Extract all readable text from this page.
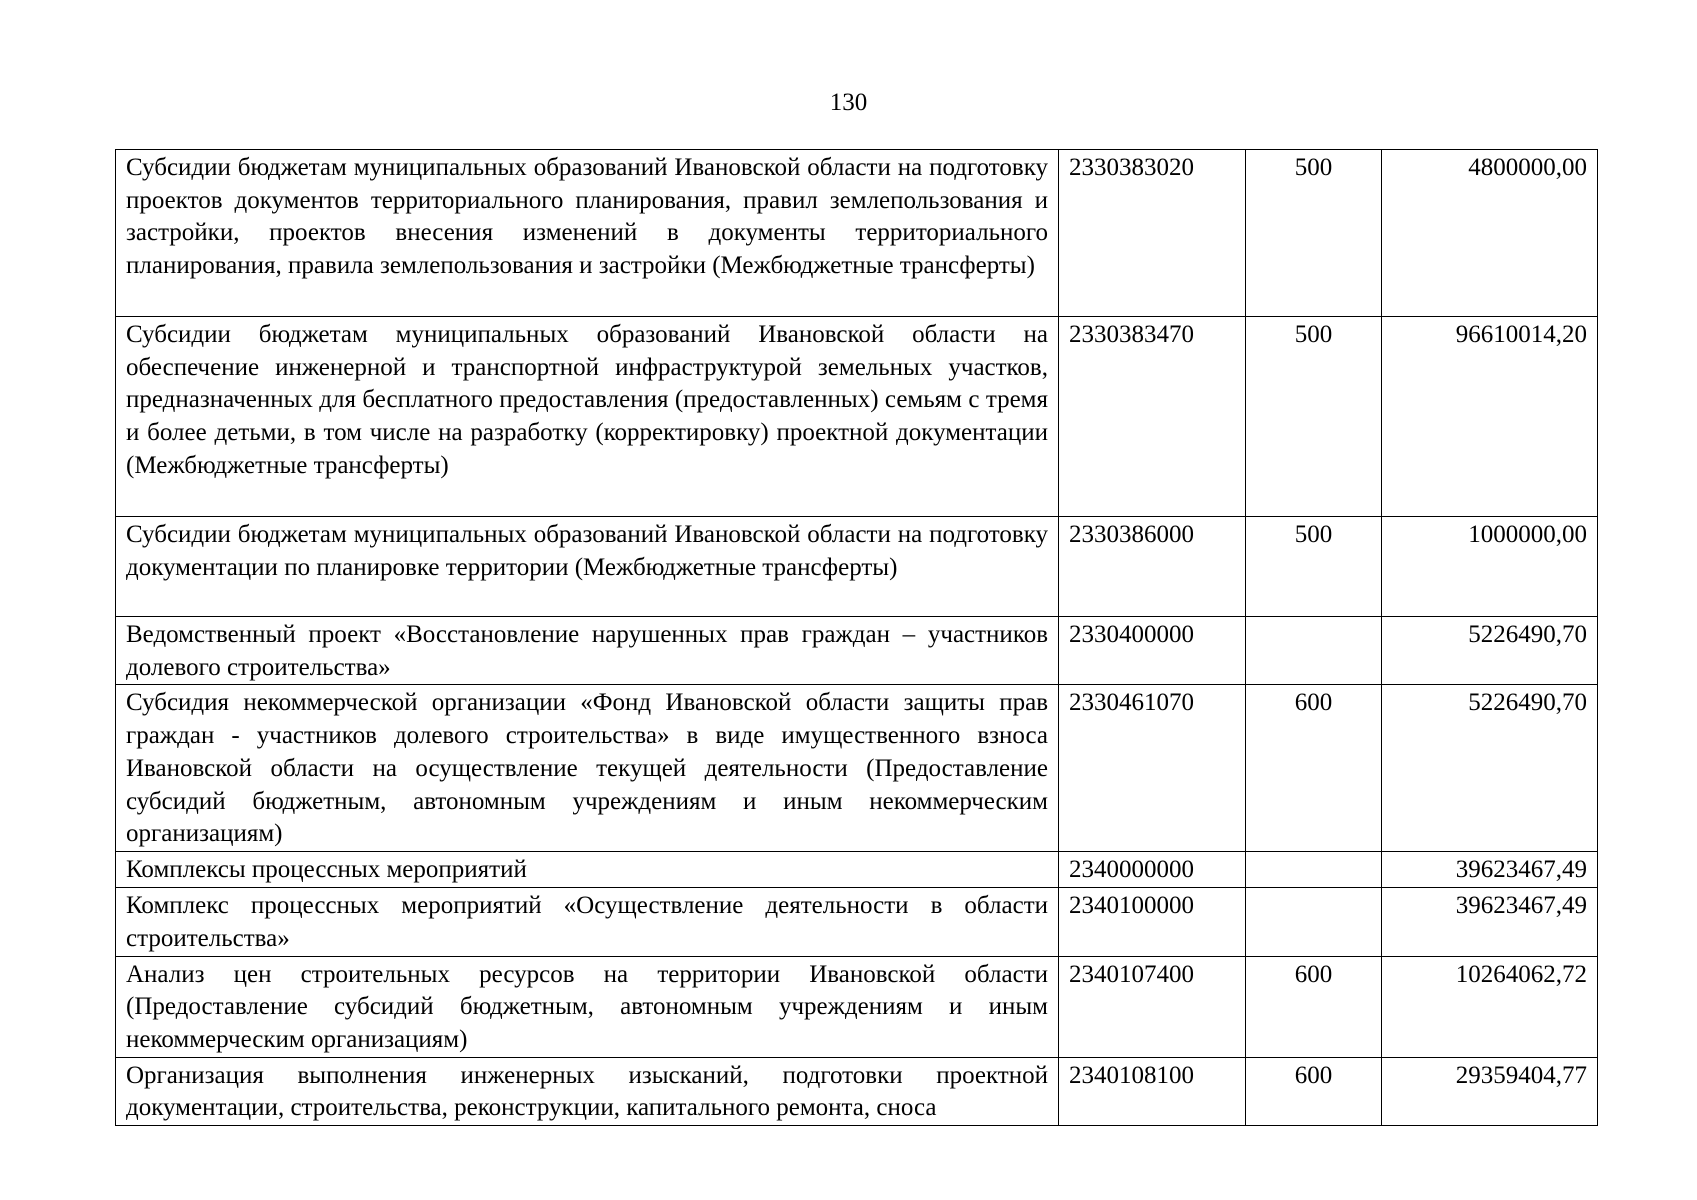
130
Субсидии бюджетам муниципальных образований Ивановской области на подготовку проектов документов территориального планирования, правил землепользования и застройки, проектов внесения изменений в документы территориального планирования, правила землепользования и застройки (Межбюджетные трансферты)	2330383020	500	4800000,00
Субсидии бюджетам муниципальных образований Ивановской области на обеспечение инженерной и транспортной инфраструктурой земельных участков, предназначенных для бесплатного предоставления (предоставленных) семьям с тремя и более детьми, в том числе на разработку (корректировку) проектной документации (Межбюджетные трансферты)	2330383470	500	96610014,20
Субсидии бюджетам муниципальных образований Ивановской области на подготовку документации по планировке территории (Межбюджетные трансферты)	2330386000	500	1000000,00
Ведомственный проект «Восстановление нарушенных прав граждан – участников долевого строительства»	2330400000		5226490,70
Субсидия некоммерческой организации «Фонд Ивановской области защиты прав граждан - участников долевого строительства» в виде имущественного взноса Ивановской области на осуществление текущей деятельности (Предоставление субсидий бюджетным, автономным учреждениям и иным некоммерческим организациям)	2330461070	600	5226490,70
Комплексы процессных мероприятий	2340000000		39623467,49
Комплекс процессных мероприятий «Осуществление деятельности в области строительства»	2340100000		39623467,49
Анализ цен строительных ресурсов на территории Ивановской области (Предоставление субсидий бюджетным, автономным учреждениям и иным некоммерческим организациям)	2340107400	600	10264062,72
Организация выполнения инженерных изысканий, подготовки проектной документации, строительства, реконструкции, капитального ремонта, сноса	2340108100	600	29359404,77
